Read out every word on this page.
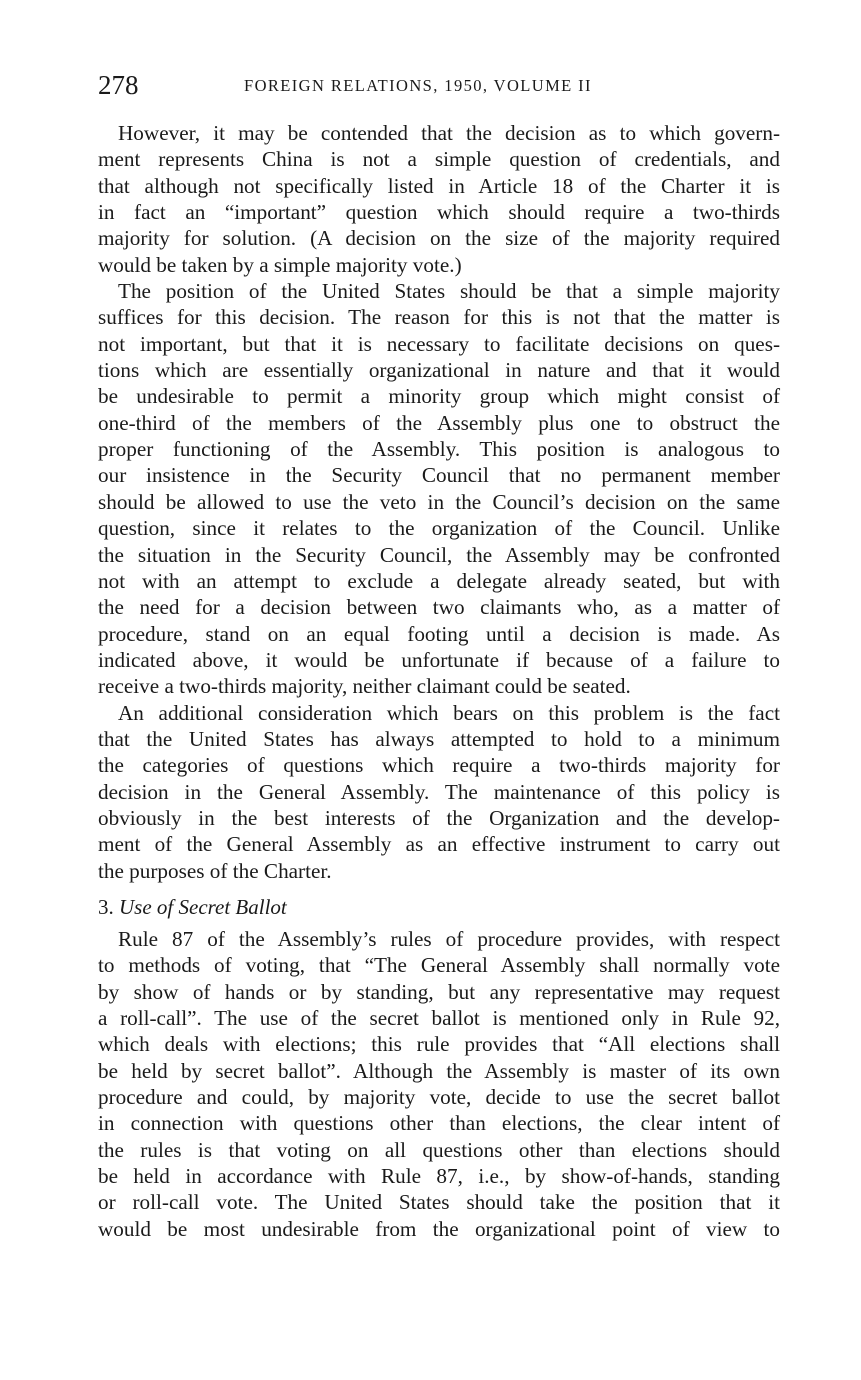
278	FOREIGN RELATIONS, 1950, VOLUME II
However, it may be contended that the decision as to which govern-
ment represents China is not a simple question of credentials, and
that although not specifically listed in Article 18 of the Charter it is
in fact an “important” question which should require a two-thirds
majority for solution. (A decision on the size of the majority required
would be taken by a simple majority vote.)
The position of the United States should be that a simple majority
suffices for this decision. The reason for this is not that the matter is
not important, but that it is necessary to facilitate decisions on ques-
tions which are essentially organizational in nature and that it would
be undesirable to permit a minority group which might consist of
one-third of the members of the Assembly plus one to obstruct the
proper functioning of the Assembly. This position is analogous to
our insistence in the Security Council that no permanent member
should be allowed to use the veto in the Council’s decision on the same
question, since it relates to the organization of the Council. Unlike
the situation in the Security Council, the Assembly may be confronted
not with an attempt to exclude a delegate already seated, but with
the need for a decision between two claimants who, as a matter of
procedure, stand on an equal footing until a decision is made. As
indicated above, it would be unfortunate if because of a failure to
receive a two-thirds majority, neither claimant could be seated.
An additional consideration which bears on this problem is the fact
that the United States has always attempted to hold to a minimum
the categories of questions which require a two-thirds majority for
decision in the General Assembly. The maintenance of this policy is
obviously in the best interests of the Organization and the develop-
ment of the General Assembly as an effective instrument to carry out
the purposes of the Charter.
3. Use of Secret Ballot
Rule 87 of the Assembly’s rules of procedure provides, with respect
to methods of voting, that “The General Assembly shall normally vote
by show of hands or by standing, but any representative may request
a roll-call”. The use of the secret ballot is mentioned only in Rule 92,
which deals with elections; this rule provides that “All elections shall
be held by secret ballot”. Although the Assembly is master of its own
procedure and could, by majority vote, decide to use the secret ballot
in connection with questions other than elections, the clear intent of
the rules is that voting on all questions other than elections should
be held in accordance with Rule 87, i.e., by show-of-hands, standing
or roll-call vote. The United States should take the position that it
would be most undesirable from the organizational point of view to
